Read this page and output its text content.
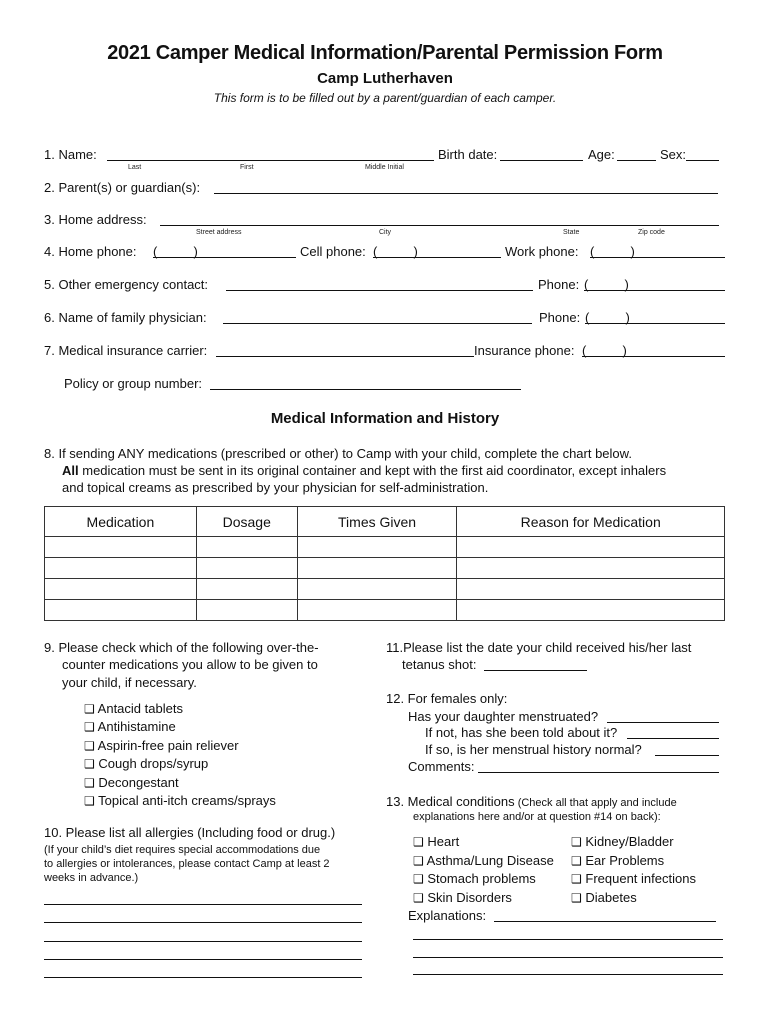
2021 Camper Medical Information/Parental Permission Form
Camp Lutherhaven
This form is to be filled out by a parent/guardian of each camper.
1. Name:
Last	First	Middle Initial
Birth date:	Age:	Sex:
2. Parent(s) or guardian(s):
3. Home address:
Street address	City	State	Zip code
4. Home phone: (          )	Cell phone: (          )	Work phone: (          )
5. Other emergency contact:	Phone: (          )
6. Name of family physician:	Phone: (          )
7. Medical insurance carrier:	Insurance phone: (          )
Policy or group number:
Medical Information and History
8. If sending ANY medications (prescribed or other) to Camp with your child, complete the chart below.
All medication must be sent in its original container and kept with the first aid coordinator, except inhalers
and topical creams as prescribed by your physician for self-administration.
Medication	Dosage	Times Given	Reason for Medication

9. Please check which of the following over-the-
counter medications you allow to be given to
your child, if necessary.
❑ Antacid tablets
❑ Antihistamine
❑ Aspirin-free pain reliever
❑ Cough drops/syrup
❑ Decongestant
❑ Topical anti-itch creams/sprays
10. Please list all allergies (Including food or drug.)
(If your child’s diet requires special accommodations due
to allergies or intolerances, please contact Camp at least 2
weeks in advance.)
11.Please list the date your child received his/her last
tetanus shot:
12. For females only:
Has your daughter menstruated?
If not, has she been told about it?
If so, is her menstrual history normal?
Comments:
13. Medical conditions (Check all that apply and include
explanations here and/or at question #14 on back):
❑ Heart
❑ Asthma/Lung Disease
❑ Stomach problems
❑ Skin Disorders
❑ Kidney/Bladder
❑ Ear Problems
❑ Frequent infections
❑ Diabetes
Explanations:
